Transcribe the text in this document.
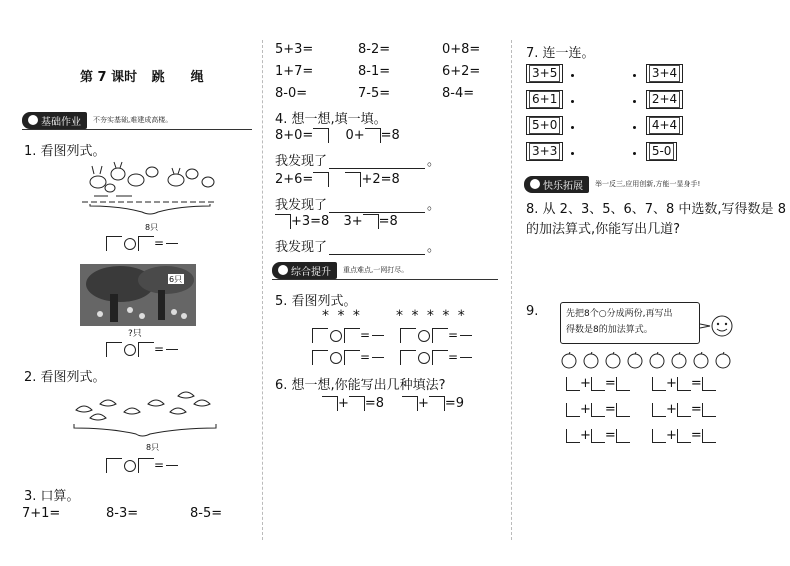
第 7 课时 跳　　绳
基础作业 不夯实基础,难建成高楼。
1. 看图列式。
8只
=
6只
?只
=
2. 看图列式。
8只
=
3. 口算。
7+1=	8-3=	8-5=
5+3=	8-2=	0+8=
1+7=	8-1=	6+2=
8-0=	7-5=	8-4=
4. 想一想,填一填。
8+0= 0+ =8
我发现了	。
2+6=	+2=8
我发现了	。
+3=8 3+ =8
我发现了	。
综合提升 重点难点,一网打尽。
5. 看图列式。
* * * * * * * *
=	=
=	=
6. 想一想,你能写出几种填法?
+ =8	+ =9
7. 连一连。
3+5	3+4
6+1	2+4
5+0	4+4
3+3	5-0
快乐拓展 举一反三,应用创新,方能一显身手!
8. 从 2、3、5、6、7、8 中选数,写得数是 8
的加法算式,你能写出几道?
9.	先把8个○分成两份,再写出
得数是8的加法算式。
+ =	+ =
+ =	+ =
+ =	+ =
